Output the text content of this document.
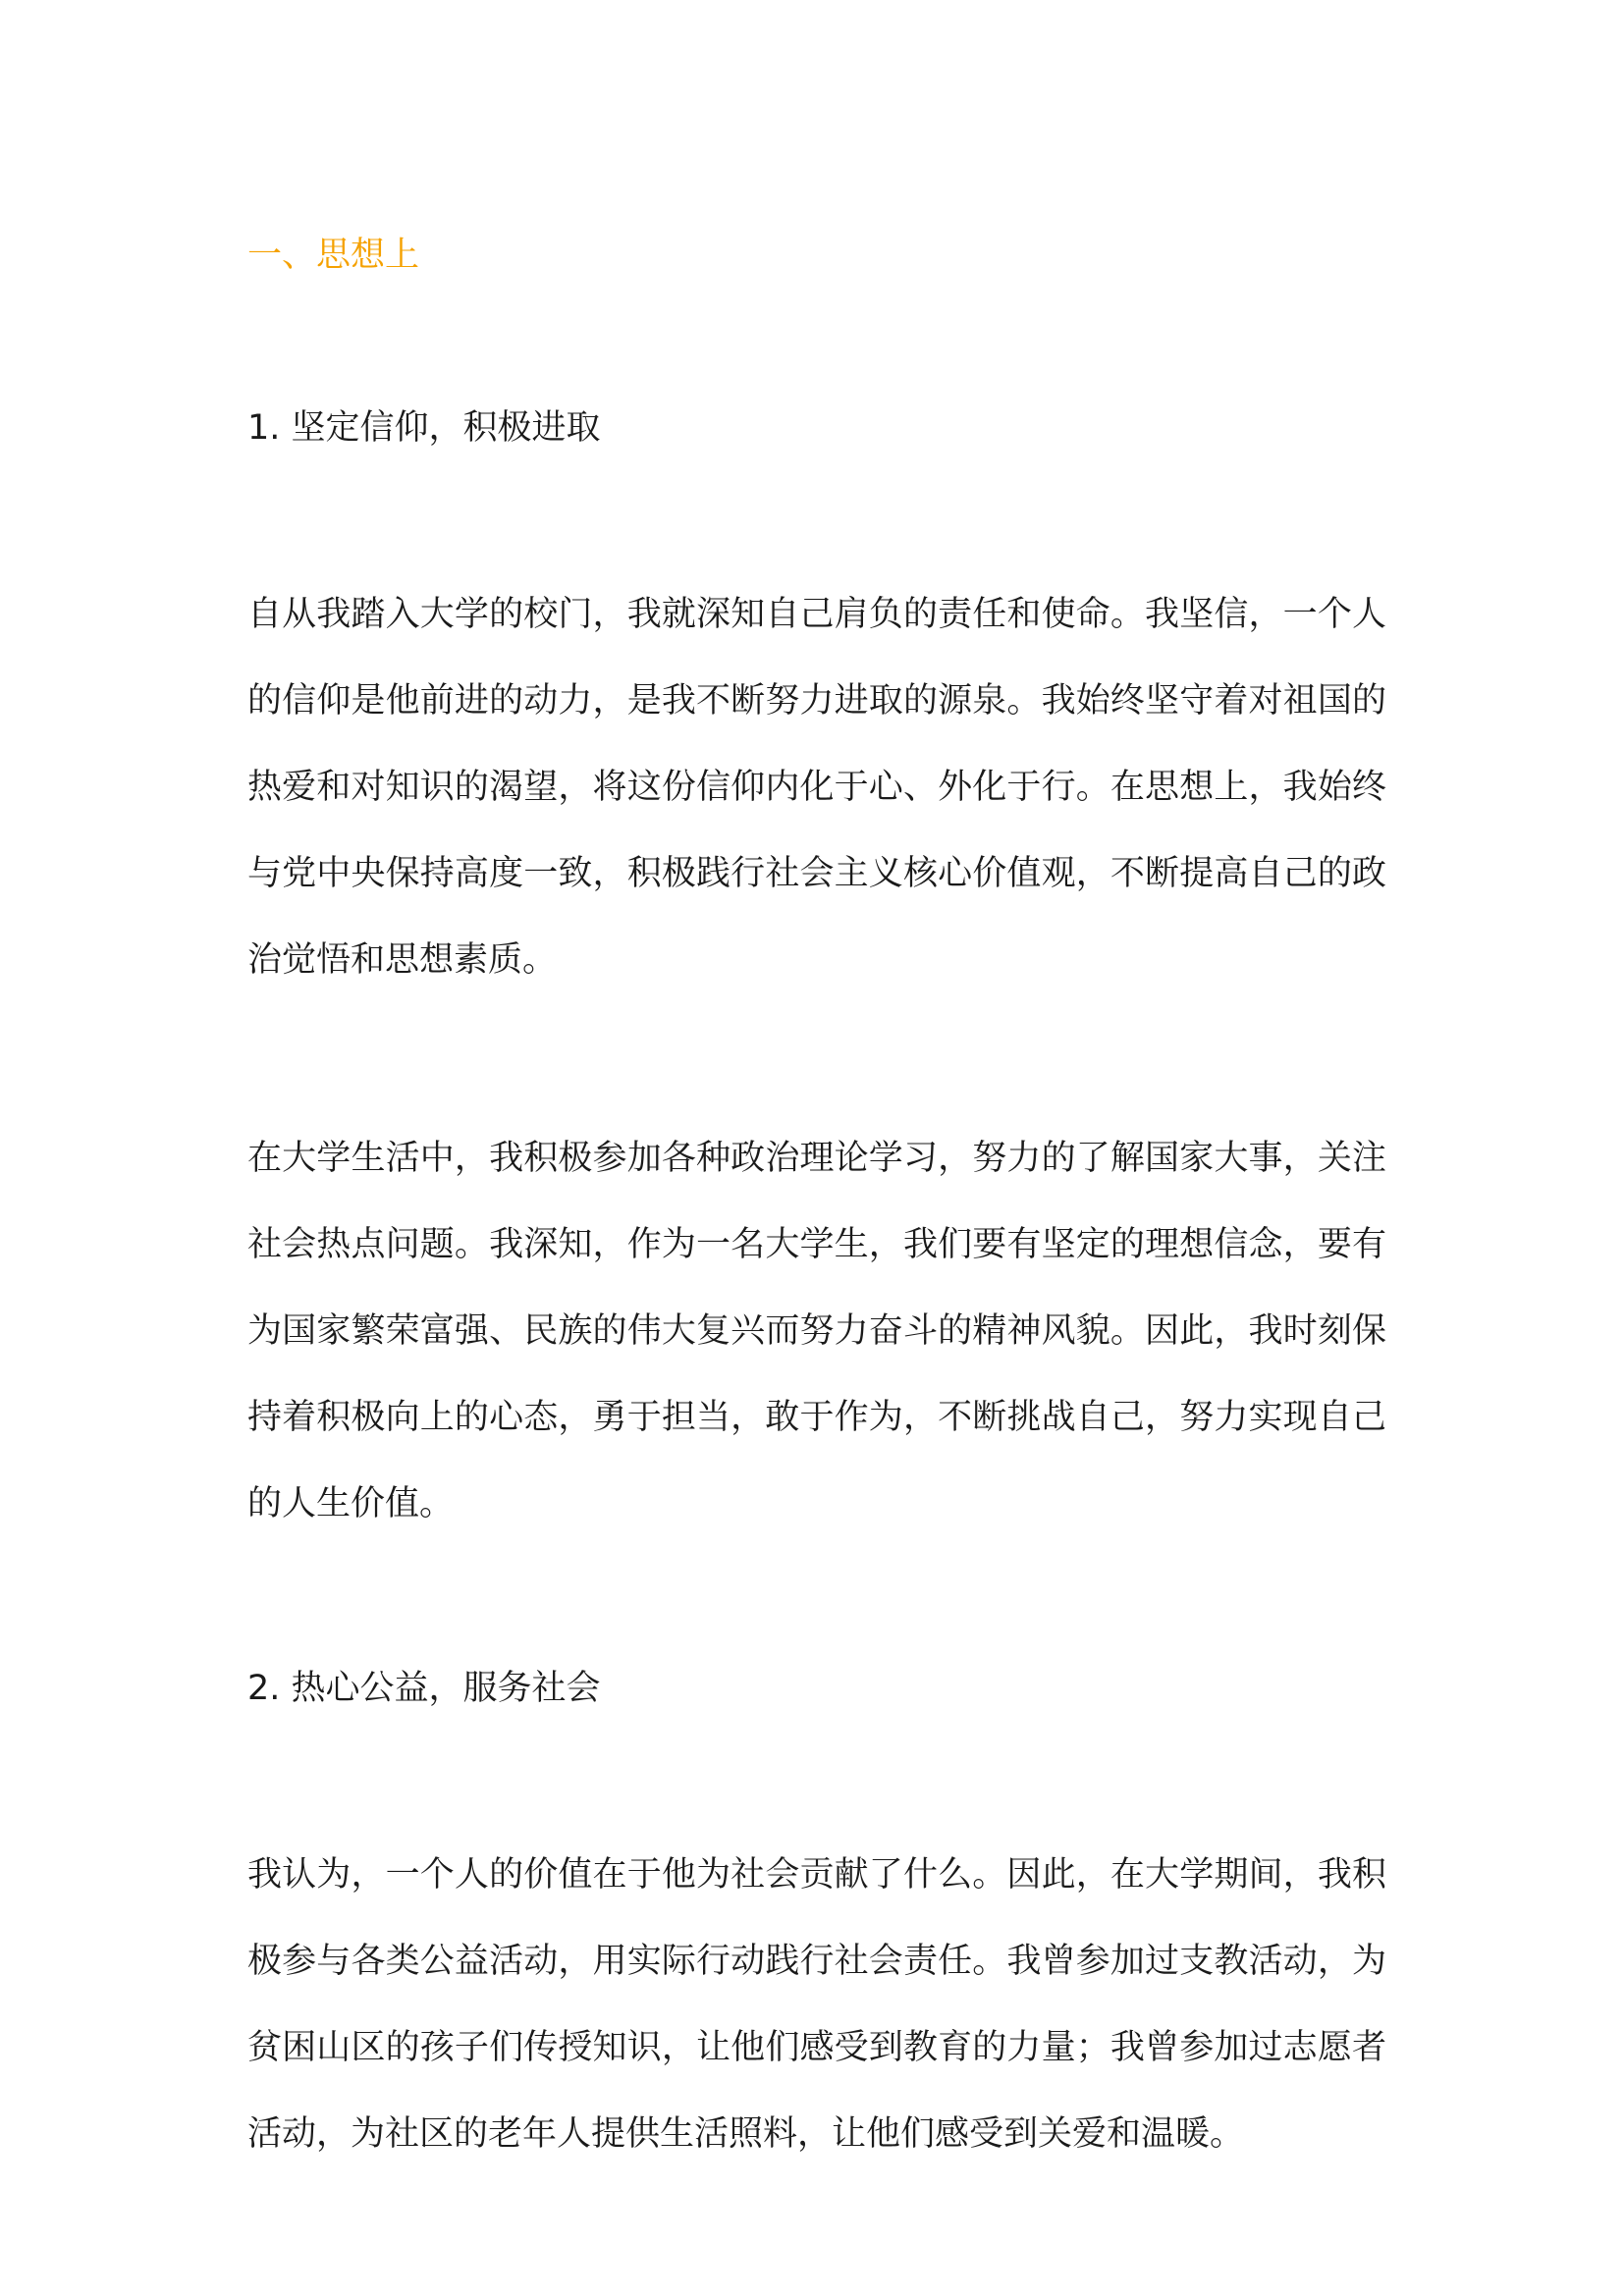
一、思想上
1. 坚定信仰，积极进取

自从我踏入大学的校门，我就深知自己肩负的责任和使命。我坚信，一个人的信仰是他前进的动力，是我不断努力进取的源泉。我始终坚守着对祖国的热爱和对知识的渴望，将这份信仰内化于心、外化于行。在思想上，我始终与党中央保持高度一致，积极践行社会主义核心价值观，不断提高自己的政治觉悟和思想素质。

在大学生活中，我积极参加各种政治理论学习，努力的了解国家大事，关注社会热点问题。我深知，作为一名大学生，我们要有坚定的理想信念，要有为国家繁荣富强、民族的伟大复兴而努力奋斗的精神风貌。因此，我时刻保持着积极向上的心态，勇于担当，敢于作为，不断挑战自己，努力实现自己的人生价值。

2. 热心公益，服务社会

我认为，一个人的价值在于他为社会贡献了什么。因此，在大学期间，我积极参与各类公益活动，用实际行动践行社会责任。我曾参加过支教活动，为贫困山区的孩子们传授知识，让他们感受到教育的力量；我曾参加过志愿者活动，为社区的老年人提供生活照料，让他们感受到关爱和温暖。
